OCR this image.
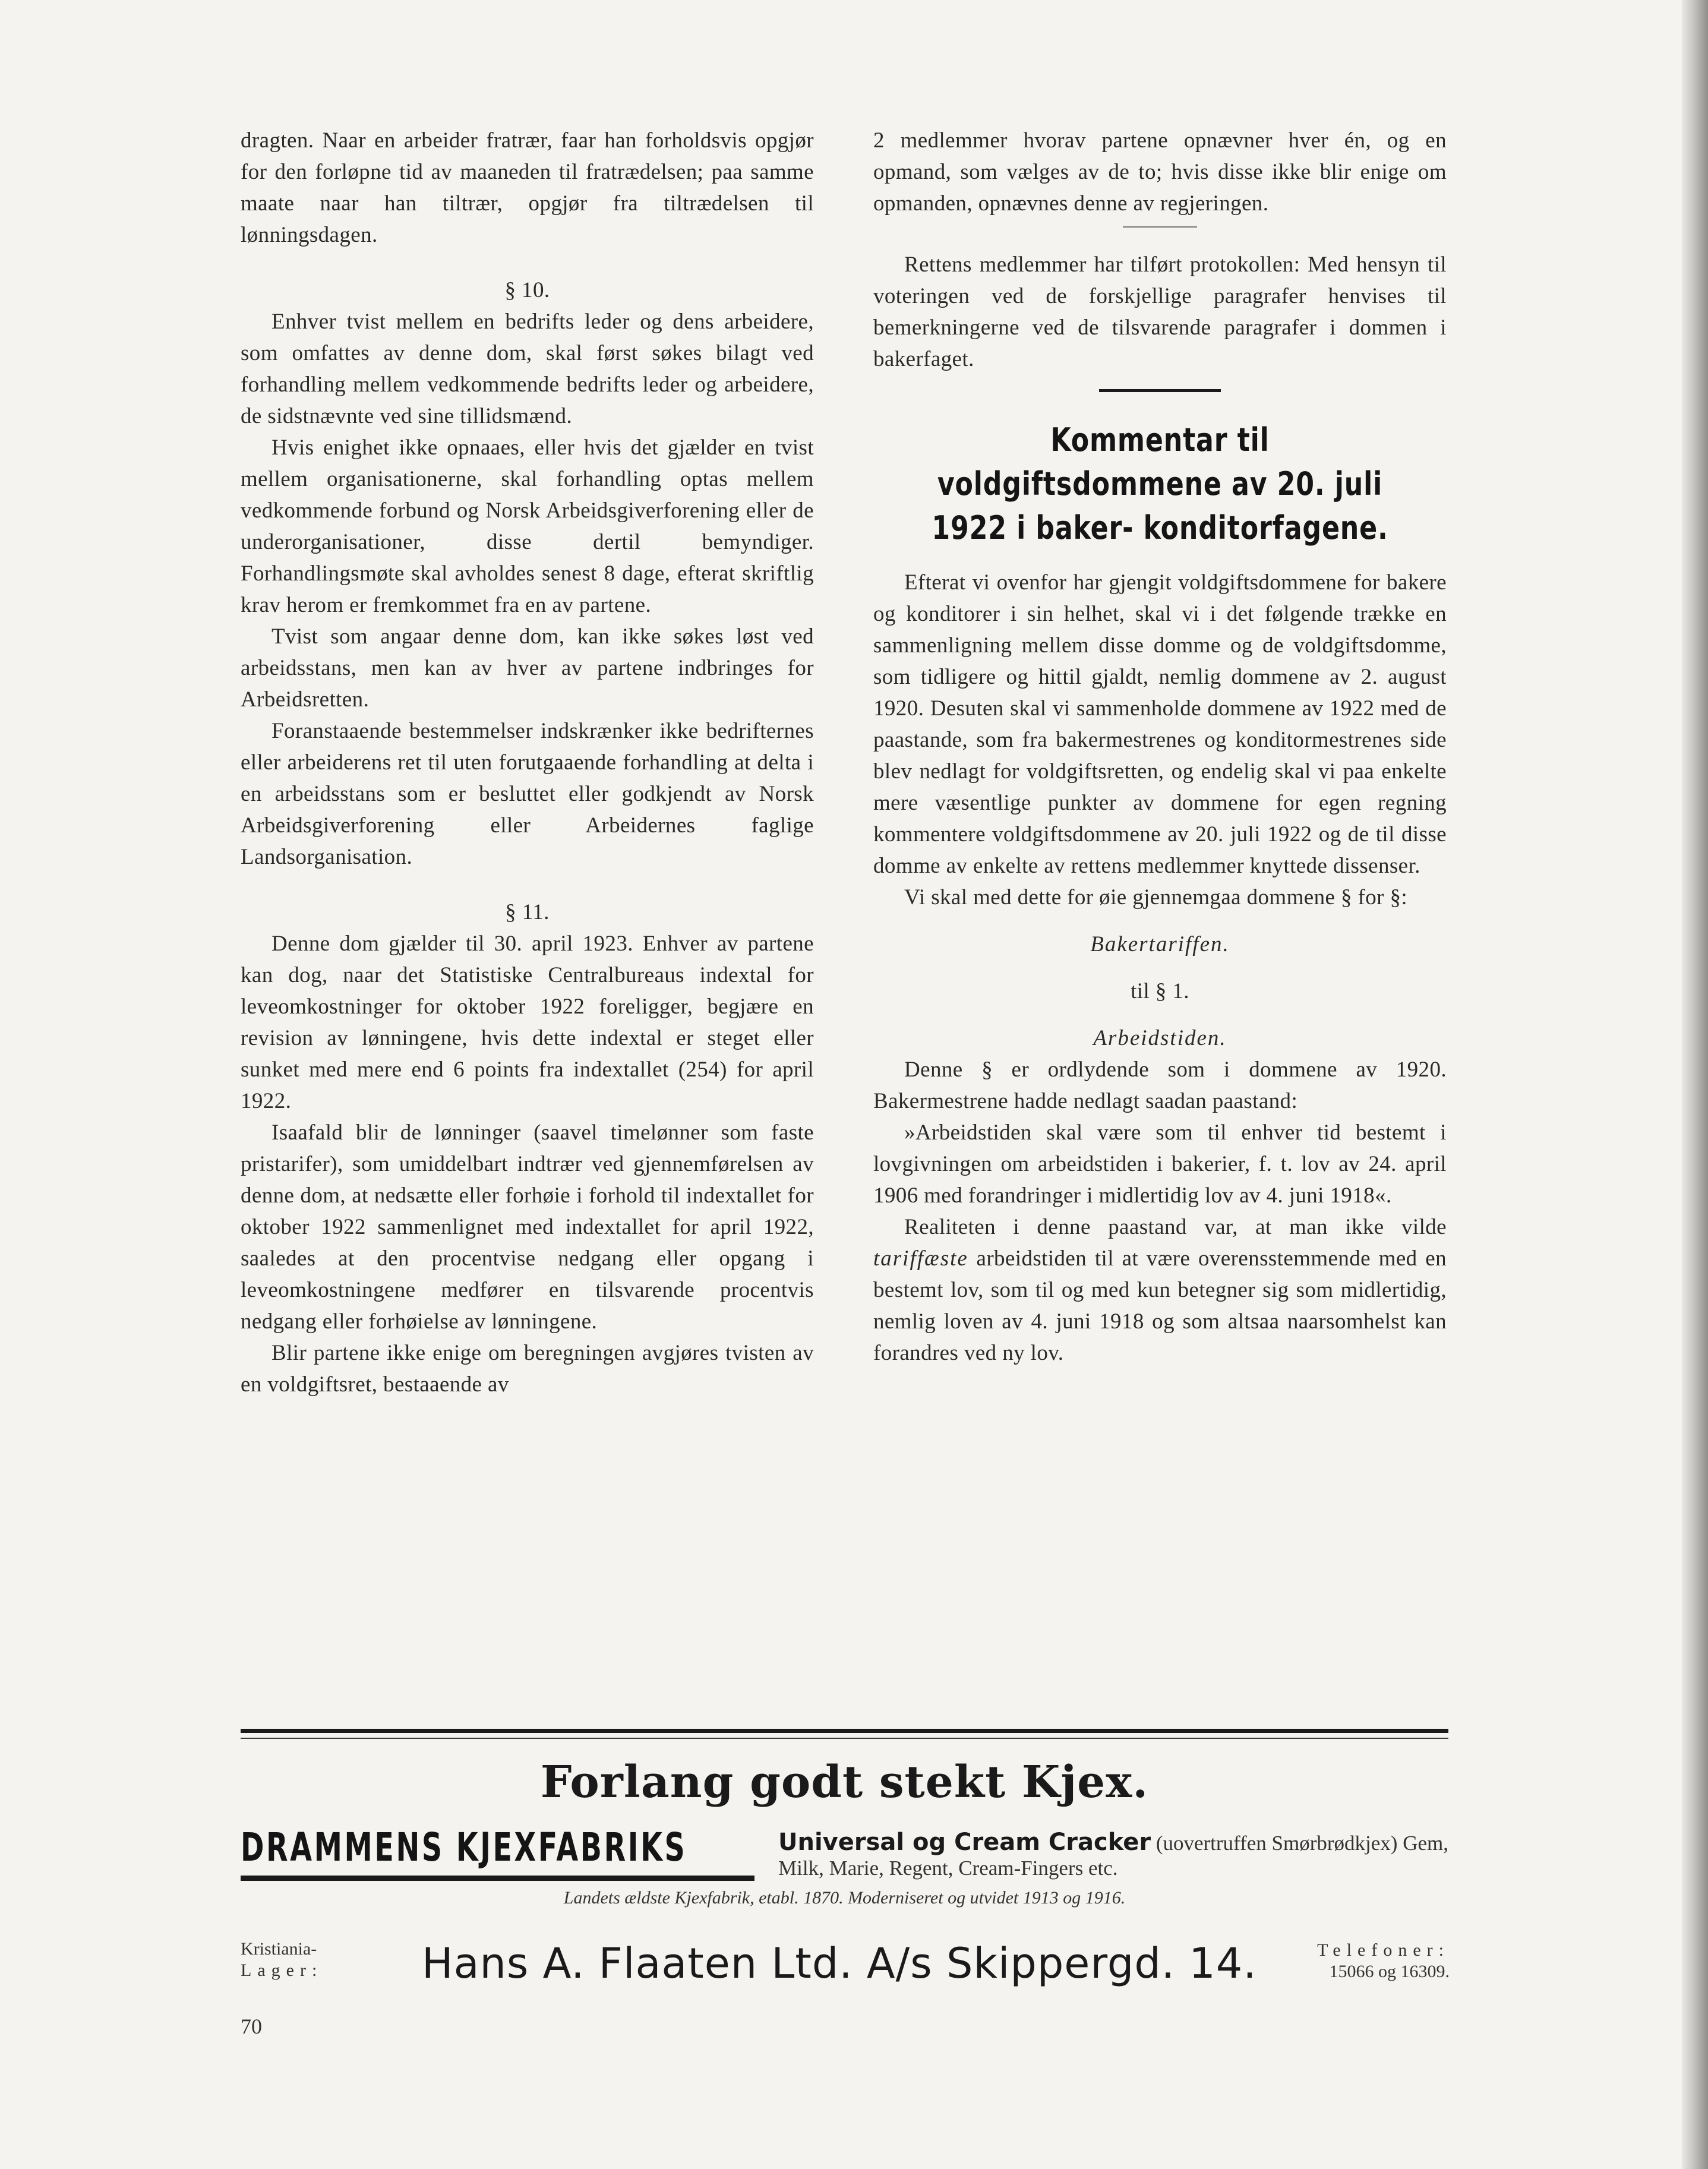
dragten. Naar en arbeider fratrær, faar han forholdsvis opgjør for den forløpne tid av maaneden til fratrædelsen; paa samme maate naar han tiltrær, opgjør fra tiltrædelsen til lønningsdagen.

§ 10.

Enhver tvist mellem en bedrifts leder og dens arbeidere, som omfattes av denne dom, skal først søkes bilagt ved forhandling mellem vedkommende bedrifts leder og arbeidere, de sidstnævnte ved sine tillidsmænd.

Hvis enighet ikke opnaaes, eller hvis det gjælder en tvist mellem organisationerne, skal forhandling optas mellem vedkommende forbund og Norsk Arbeidsgiverforening eller de underorganisationer, disse dertil bemyndiger. Forhandlingsmøte skal avholdes senest 8 dage, efterat skriftlig krav herom er fremkommet fra en av partene.

Tvist som angaar denne dom, kan ikke søkes løst ved arbeidsstans, men kan av hver av partene indbringes for Arbeidsretten.

Foranstaaende bestemmelser indskrænker ikke bedrifternes eller arbeiderens ret til uten forutgaaende forhandling at delta i en arbeidsstans som er besluttet eller godkjendt av Norsk Arbeidsgiverforening eller Arbeidernes faglige Landsorganisation.

§ 11.

Denne dom gjælder til 30. april 1923. Enhver av partene kan dog, naar det Statistiske Centralbureaus indextal for leveomkostninger for oktober 1922 foreligger, begjære en revision av lønningene, hvis dette indextal er steget eller sunket med mere end 6 points fra indextallet (254) for april 1922.

Isaafald blir de lønninger (saavel timelønner som faste pristarifer), som umiddelbart indtrær ved gjennemførelsen av denne dom, at nedsætte eller forhøie i forhold til indextallet for oktober 1922 sammenlignet med indextallet for april 1922, saaledes at den procentvise nedgang eller opgang i leveomkostningene medfører en tilsvarende procentvis nedgang eller forhøielse av lønningene.

Blir partene ikke enige om beregningen avgjøres tvisten av en voldgiftsret, bestaaende av

2 medlemmer hvorav partene opnævner hver én, og en opmand, som vælges av de to; hvis disse ikke blir enige om opmanden, opnævnes denne av regjeringen.

Rettens medlemmer har tilført protokollen: Med hensyn til voteringen ved de forskjellige paragrafer henvises til bemerkningerne ved de tilsvarende paragrafer i dommen i bakerfaget.

Kommentar til voldgiftsdommene av 20. juli 1922 i baker- konditorfagene.

Efterat vi ovenfor har gjengit voldgiftsdommene for bakere og konditorer i sin helhet, skal vi i det følgende trække en sammenligning mellem disse domme og de voldgiftsdomme, som tidligere og hittil gjaldt, nemlig dommene av 2. august 1920. Desuten skal vi sammenholde dommene av 1922 med de paastande, som fra bakermestrenes og konditormestrenes side blev nedlagt for voldgiftsretten, og endelig skal vi paa enkelte mere væsentlige punkter av dommene for egen regning kommentere voldgiftsdommene av 20. juli 1922 og de til disse domme av enkelte av rettens medlemmer knyttede dissenser.

Vi skal med dette for øie gjennemgaa dommene § for §:

Bakertariffen.

til § 1.

Arbeidstiden.

Denne § er ordlydende som i dommene av 1920. Bakermestrene hadde nedlagt saadan paastand:

»Arbeidstiden skal være som til enhver tid bestemt i lovgivningen om arbeidstiden i bakerier, f. t. lov av 24. april 1906 med forandringer i midlertidig lov av 4. juni 1918«.

Realiteten i denne paastand var, at man ikke vilde tariffæste arbeidstiden til at være overensstemmende med en bestemt lov, som til og med kun betegner sig som midlertidig, nemlig loven av 4. juni 1918 og som altsaa naarsomhelst kan forandres ved ny lov.

Forlang godt stekt Kjex.

DRAMMENS KJEXFABRIKS	Universal og Cream Cracker (uovertruffen Smørbrødkjex) Gem, Milk, Marie, Regent, Cream-Fingers etc.

Landets ældste Kjexfabrik, etabl. 1870. Moderniseret og utvidet 1913 og 1916.

Kristiania-
Lager: Hans A. Flaaten Ltd. A/s Skippergd. 14.	Telefoner:
15066 og 16309.

70
